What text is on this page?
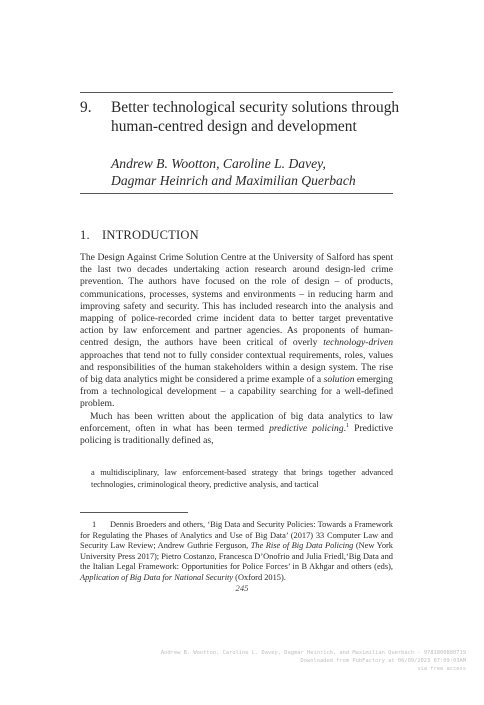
9. Better technological security solutions through human-centred design and development
Andrew B. Wootton, Caroline L. Davey,
Dagmar Heinrich and Maximilian Querbach
1. INTRODUCTION

The Design Against Crime Solution Centre at the University of Salford has spent the last two decades undertaking action research around design-led crime prevention. The authors have focused on the role of design – of products, communications, processes, systems and environments – in reducing harm and improving safety and security. This has included research into the analysis and mapping of police-recorded crime incident data to better target preventative action by law enforcement and partner agencies. As proponents of human-centred design, the authors have been critical of overly technology-driven approaches that tend not to fully consider contextual requirements, roles, values and responsibilities of the human stakeholders within a design system. The rise of big data analytics might be considered a prime example of a solution emerging from a technological development – a capability searching for a well-defined problem.

Much has been written about the application of big data analytics to law enforcement, often in what has been termed predictive policing.$^1$ Predictive policing is traditionally defined as,

a multidisciplinary, law enforcement-based strategy that brings together advanced technologies, criminological theory, predictive analysis, and tactical
1 Dennis Broeders and others, ‘Big Data and Security Policies: Towards a Framework for Regulating the Phases of Analytics and Use of Big Data’ (2017) 33 Computer Law and Security Law Review; Andrew Guthrie Ferguson, The Rise of Big Data Policing (New York University Press 2017); Pietro Costanzo, Francesca D’Onofrio and Julia Friedl,‘Big Data and the Italian Legal Framework: Opportunities for Police Forces’ in B Akhgar and others (eds), Application of Big Data for National Security (Oxford 2015).
245
Andrew B. Wootton, Caroline L. Davey, Dagmar Heinrich, and Maximilian Querbach - 9781800880719
Downloaded from PubFactory at 06/09/2023 07:09:03AM
via free access
